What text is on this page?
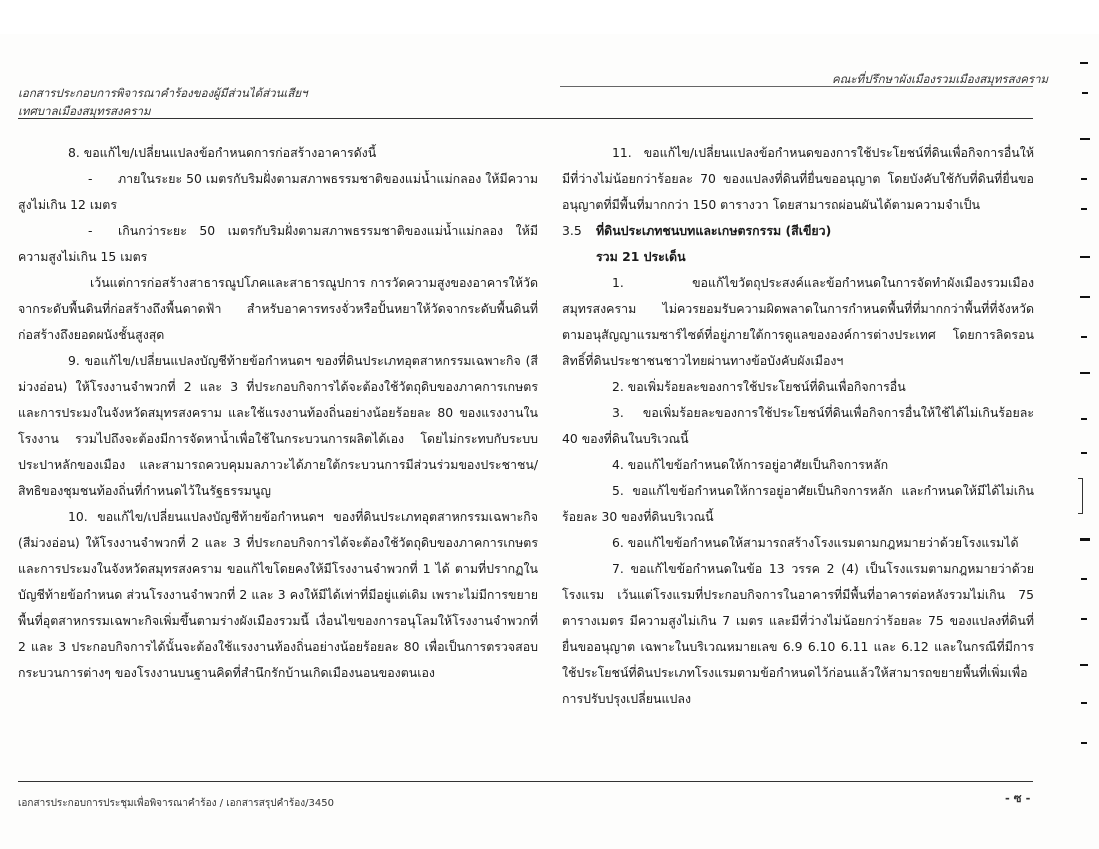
เอกสารประกอบการพิจารณาคำร้องของผู้มีส่วนได้ส่วนเสียฯ
เทศบาลเมืองสมุทรสงคราม
คณะที่ปรึกษาผังเมืองรวมเมืองสมุทรสงคราม

8. ขอแก้ไข/เปลี่ยนแปลงข้อกำหนดการก่อสร้างอาคารดังนี้

-	ภายในระยะ 50 เมตรกับริมฝั่งตามสภาพธรรมชาติของแม่น้ำแม่กลอง ให้มีความสูงไม่เกิน 12 เมตร

-	เกินกว่าระยะ 50 เมตรกับริมฝั่งตามสภาพธรรมชาติของแม่น้ำแม่กลอง ให้มีความสูงไม่เกิน 15 เมตร

เว้นแต่การก่อสร้างสาธารณูปโภคและสาธารณูปการ การวัดความสูงของอาคารให้วัดจากระดับพื้นดินที่ก่อสร้างถึงพื้นดาดฟ้า สำหรับอาคารทรงจั่วหรือปั้นหยาให้วัดจากระดับพื้นดินที่ก่อสร้างถึงยอดผนังชั้นสูงสุด

9. ขอแก้ไข/เปลี่ยนแปลงบัญชีท้ายข้อกำหนดฯ ของที่ดินประเภทอุตสาหกรรมเฉพาะกิจ (สีม่วงอ่อน) ให้โรงงานจำพวกที่ 2 และ 3 ที่ประกอบกิจการได้จะต้องใช้วัตถุดิบของภาคการเกษตรและการประมงในจังหวัดสมุทรสงคราม และใช้แรงงานท้องถิ่นอย่างน้อยร้อยละ 80 ของแรงงานในโรงงาน รวมไปถึงจะต้องมีการจัดหาน้ำเพื่อใช้ในกระบวนการผลิตได้เอง โดยไม่กระทบกับระบบประปาหลักของเมือง และสามารถควบคุมมลภาวะได้ภายใต้กระบวนการมีส่วนร่วมของประชาชน/สิทธิของชุมชนท้องถิ่นที่กำหนดไว้ในรัฐธรรมนูญ

10. ขอแก้ไข/เปลี่ยนแปลงบัญชีท้ายข้อกำหนดฯ ของที่ดินประเภทอุตสาหกรรมเฉพาะกิจ (สีม่วงอ่อน) ให้โรงงานจำพวกที่ 2 และ 3 ที่ประกอบกิจการได้จะต้องใช้วัตถุดิบของภาคการเกษตรและการประมงในจังหวัดสมุทรสงคราม ขอแก้ไขโดยคงให้มีโรงงานจำพวกที่ 1 ได้ ตามที่ปรากฏในบัญชีท้ายข้อกำหนด ส่วนโรงงานจำพวกที่ 2 และ 3 คงให้มีได้เท่าที่มีอยู่แต่เดิม เพราะไม่มีการขยายพื้นที่อุตสาหกรรมเฉพาะกิจเพิ่มขึ้นตามร่างผังเมืองรวมนี้ เงื่อนไขของการอนุโลมให้โรงงานจำพวกที่ 2 และ 3 ประกอบกิจการได้นั้นจะต้องใช้แรงงานท้องถิ่นอย่างน้อยร้อยละ 80 เพื่อเป็นการตรวจสอบกระบวนการต่างๆ ของโรงงานบนฐานคิดที่สำนึกรักบ้านเกิดเมืองนอนของตนเอง

11. ขอแก้ไข/เปลี่ยนแปลงข้อกำหนดของการใช้ประโยชน์ที่ดินเพื่อกิจการอื่นให้มีที่ว่างไม่น้อยกว่าร้อยละ 70 ของแปลงที่ดินที่ยื่นขออนุญาต โดยบังคับใช้กับที่ดินที่ยื่นขออนุญาตที่มีพื้นที่มากกว่า 150 ตารางวา โดยสามารถผ่อนผันได้ตามความจำเป็น

3.5 ที่ดินประเภทชนบทและเกษตรกรรม (สีเขียว)

รวม 21 ประเด็น

1. ขอแก้ไขวัตถุประสงค์และข้อกำหนดในการจัดทำผังเมืองรวมเมืองสมุทรสงคราม ไม่ควรยอมรับความผิดพลาดในการกำหนดพื้นที่ที่มากกว่าพื้นที่ที่จังหวัดตามอนุสัญญาแรมซาร์ไซต์ที่อยู่ภายใต้การดูแลขององค์การต่างประเทศ โดยการลิดรอนสิทธิ์ที่ดินประชาชนชาวไทยผ่านทางข้อบังคับผังเมืองฯ

2. ขอเพิ่มร้อยละของการใช้ประโยชน์ที่ดินเพื่อกิจการอื่น

3. ขอเพิ่มร้อยละของการใช้ประโยชน์ที่ดินเพื่อกิจการอื่นให้ใช้ได้ไม่เกินร้อยละ 40 ของที่ดินในบริเวณนี้

4. ขอแก้ไขข้อกำหนดให้การอยู่อาศัยเป็นกิจการหลัก

5. ขอแก้ไขข้อกำหนดให้การอยู่อาศัยเป็นกิจการหลัก และกำหนดให้มีได้ไม่เกินร้อยละ 30 ของที่ดินบริเวณนี้

6. ขอแก้ไขข้อกำหนดให้สามารถสร้างโรงแรมตามกฎหมายว่าด้วยโรงแรมได้

7. ขอแก้ไขข้อกำหนดในข้อ 13 วรรค 2 (4) เป็นโรงแรมตามกฎหมายว่าด้วยโรงแรม เว้นแต่โรงแรมที่ประกอบกิจการในอาคารที่มีพื้นที่อาคารต่อหลังรวมไม่เกิน 75 ตารางเมตร มีความสูงไม่เกิน 7 เมตร และมีที่ว่างไม่น้อยกว่าร้อยละ 75 ของแปลงที่ดินที่ยื่นขออนุญาต เฉพาะในบริเวณหมายเลข 6.9 6.10 6.11 และ 6.12 และในกรณีที่มีการใช้ประโยชน์ที่ดินประเภทโรงแรมตามข้อกำหนดไว้ก่อนแล้วให้สามารถขยายพื้นที่เพิ่มเพื่อการปรับปรุงเปลี่ยนแปลง

เอกสารประกอบการประชุมเพื่อพิจารณาคำร้อง / เอกสารสรุปคำร้อง/3450	- ซ -
